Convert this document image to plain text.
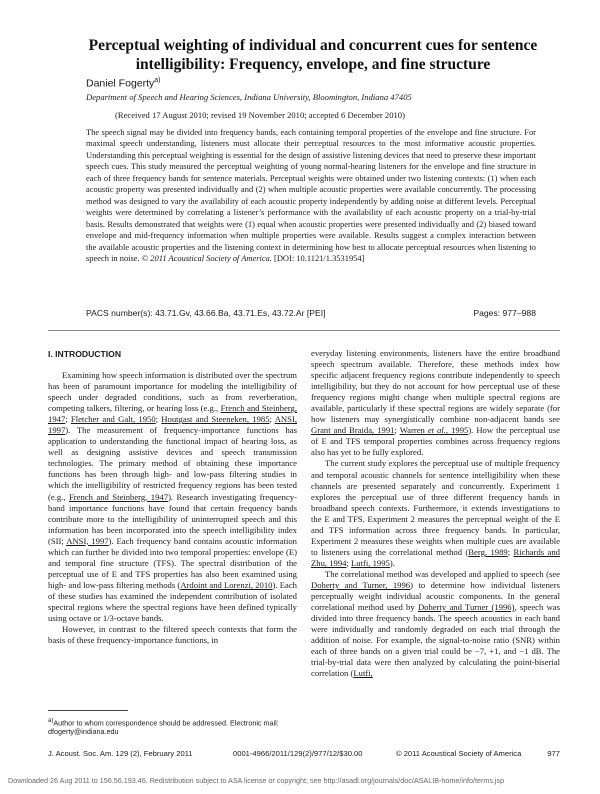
Perceptual weighting of individual and concurrent cues for sentence intelligibility: Frequency, envelope, and fine structure
Daniel Fogerty$^{a)}$
Department of Speech and Hearing Sciences, Indiana University, Bloomington, Indiana 47405
(Received 17 August 2010; revised 19 November 2010; accepted 6 December 2010)
The speech signal may be divided into frequency bands, each containing temporal properties of the envelope and fine structure. For maximal speech understanding, listeners must allocate their perceptual resources to the most informative acoustic properties. Understanding this perceptual weighting is essential for the design of assistive listening devices that need to preserve these important speech cues. This study measured the perceptual weighting of young normal-hearing listeners for the envelope and fine structure in each of three frequency bands for sentence materials. Perceptual weights were obtained under two listening contexts: (1) when each acoustic property was presented individually and (2) when multiple acoustic properties were available concurrently. The processing method was designed to vary the availability of each acoustic property independently by adding noise at different levels. Perceptual weights were determined by correlating a listener’s performance with the availability of each acoustic property on a trial-by-trial basis. Results demonstrated that weights were (1) equal when acoustic properties were presented individually and (2) biased toward envelope and mid-frequency information when multiple properties were available. Results suggest a complex interaction between the available acoustic properties and the listening context in determining how best to allocate perceptual resources when listening to speech in noise. © 2011 Acoustical Society of America. [DOI: 10.1121/1.3531954]
PACS number(s): 43.71.Gv, 43.66.Ba, 43.71.Es, 43.72.Ar [PEI]	Pages: 977–988
I. INTRODUCTION

Examining how speech information is distributed over the spectrum has been of paramount importance for modeling the intelligibility of speech under degraded conditions, such as from reverberation, competing talkers, filtering, or hearing loss (e.g., French and Steinberg, 1947; Fletcher and Galt, 1950; Houtgast and Steeneken, 1985; ANSI, 1997). The measurement of frequency-importance functions has application to understanding the functional impact of hearing loss, as well as designing assistive devices and speech transmission technologies. The primary method of obtaining these importance functions has been through high- and low-pass filtering studies in which the intelligibility of restricted frequency regions has been tested (e.g., French and Steinberg, 1947). Research investigating frequency-band importance functions have found that certain frequency bands contribute more to the intelligibility of uninterrupted speech and this information has been incorporated into the speech intelligibility index (SII; ANSI, 1997). Each frequency band contains acoustic information which can further be divided into two temporal properties: envelope (E) and temporal fine structure (TFS). The spectral distribution of the perceptual use of E and TFS properties has also been examined using high- and low-pass filtering methods (Ardoint and Lorenzi, 2010). Each of these studies has examined the independent contribution of isolated spectral regions where the spectral regions have been defined typically using octave or 1/3-octave bands.

However, in contrast to the filtered speech contexts that form the basis of these frequency-importance functions, in

everyday listening environments, listeners have the entire broadband speech spectrum available. Therefore, these methods index how specific adjacent frequency regions contribute independently to speech intelligibility, but they do not account for how perceptual use of these frequency regions might change when multiple spectral regions are available, particularly if these spectral regions are widely separate (for how listeners may synergistically combine non-adjacent bands see Grant and Braida, 1991; Warren et al., 1995). How the perceptual use of E and TFS temporal properties combines across frequency regions also has yet to be fully explored.

The current study explores the perceptual use of multiple frequency and temporal acoustic channels for sentence intelligibility when these channels are presented separately and concurrently. Experiment 1 explores the perceptual use of three different frequency bands in broadband speech contexts. Furthermore, it extends investigations to the E and TFS. Experiment 2 measures the perceptual weight of the E and TFS information across three frequency bands. In particular, Experiment 2 measures these weights when multiple cues are available to listeners using the correlational method (Berg, 1989; Richards and Zhu, 1994; Lutfi, 1995).

The correlational method was developed and applied to speech (see Doherty and Turner, 1996) to determine how individual listeners perceptually weight individual acoustic components. In the general correlational method used by Doherty and Turner (1996), speech was divided into three frequency bands. The speech acoustics in each band were individually and randomly degraded on each trial through the addition of noise. For example, the signal-to-noise ratio (SNR) within each of three bands on a given trial could be −7, +1, and −1 dB. The trial-by-trial data were then analyzed by calculating the point-biserial correlation (Lutfi,

$^{a)}$Author to whom correspondence should be addressed. Electronic mail: dfogerty@indiana.edu
J. Acoust. Soc. Am. 129 (2), February 2011	0001-4966/2011/129(2)/977/12/$30.00	© 2011 Acoustical Society of America	977
Downloaded 26 Aug 2011 to 156.56.193.46. Redistribution subject to ASA license or copyright; see http://asadl.org/journals/doc/ASALIB-home/info/terms.jsp
